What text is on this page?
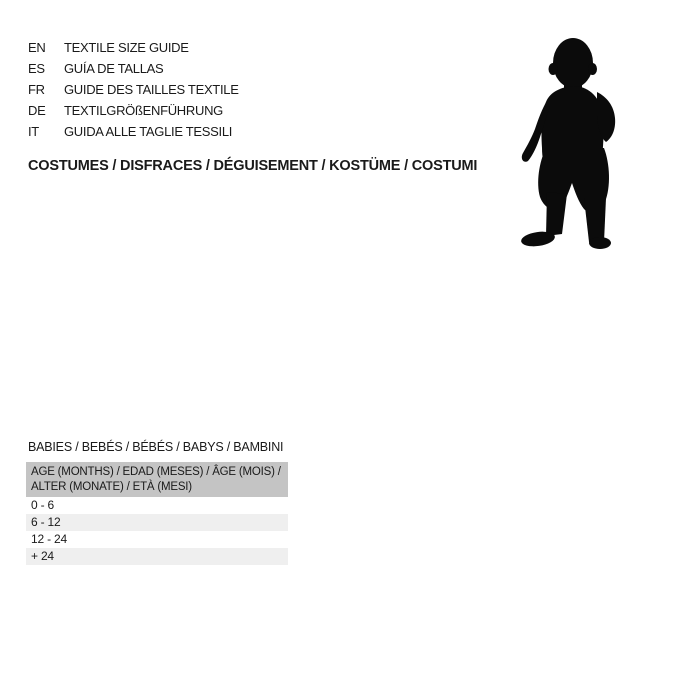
EN	TEXTILE SIZE GUIDE
ES	GUÍA DE TALLAS
FR	GUIDE DES TAILLES TEXTILE
DE	TEXTILGRÖßENFÜHRUNG
IT	GUIDA ALLE TAGLIE TESSILI
COSTUMES / DISFRACES / DÉGUISEMENT / KOSTÜME / COSTUMI
BABIES / BEBÉS / BÉBÉS / BABYS / BAMBINI
AGE (MONTHS) / EDAD (MESES) / ÂGE (MOIS) /
ALTER (MONATE) / ETÀ (MESI)
0 - 6
6 - 12
12 - 24
+ 24
